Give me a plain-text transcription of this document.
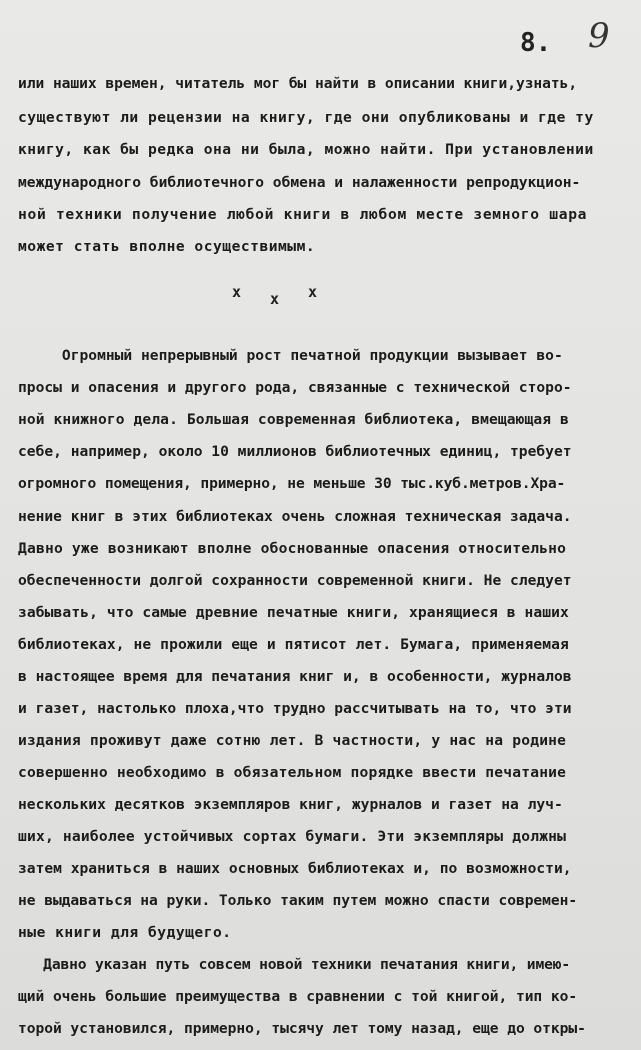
8. 9
или наших времен, читатель мог бы найти в описании книги,узнать,
существуют ли рецензии на книгу, где они опубликованы и где ту
книгу, как бы редка она ни была, можно найти. При установлении
международного библиотечного обмена и налаженности репродукцион-
ной техники получение любой книги в любом месте земного шара
может стать вполне осуществимым.
x x x
Огромный непрерывный рост печатной продукции вызывает во-
просы и опасения и другого рода, связанные с технической сторо-
ной книжного дела. Большая современная библиотека, вмещающая в
себе, например, около 10 миллионов библиотечных единиц, требует
огромного помещения, примерно, не меньше 30 тыс.куб.метров.Хра-
нение книг в этих библиотеках очень сложная техническая задача.
Давно уже возникают вполне обоснованные опасения относительно
обеспеченности долгой сохранности современной книги. Не следует
забывать, что самые древние печатные книги, хранящиеся в наших
библиотеках, не прожили еще и пятисот лет. Бумага, применяемая
в настоящее время для печатания книг и, в особенности, журналов
и газет, настолько плоха,что трудно рассчитывать на то, что эти
издания проживут даже сотню лет. В частности, у нас на родине
совершенно необходимо в обязательном порядке ввести печатание
нескольких десятков экземпляров книг, журналов и газет на луч-
ших, наиболее устойчивых сортах бумаги. Эти экземпляры должны
затем храниться в наших основных библиотеках и, по возможности,
не выдаваться на руки. Только таким путем можно спасти современ-
ные книги для будущего.
Давно указан путь совсем новой техники печатания книги, имею-
щий очень большие преимущества в сравнении с той книгой, тип ко-
торой установился, примерно, тысячу лет тому назад, еще до откры-
